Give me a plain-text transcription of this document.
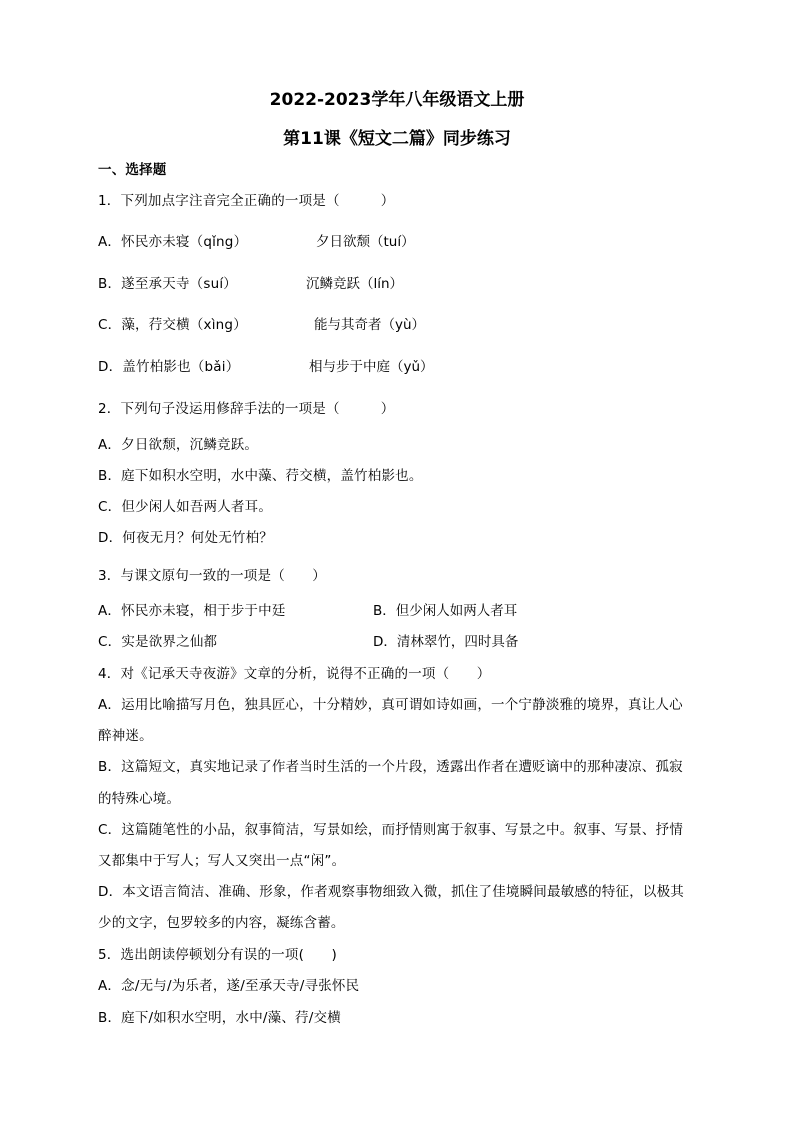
2022-2023学年八年级语文上册
第11课《短文二篇》同步练习
一、选择题
1．下列加点字注音完全正确的一项是（　　　）
A．怀民亦未寝（qǐng）	夕日欲颓（tuí）
B．遂至承天寺（suí）	沉鳞竞跃（lín）
C．藻，荇交横（xìng）	能与其奇者（yù）
D．盖竹柏影也（bǎi）	相与步于中庭（yǔ）
2．下列句子没运用修辞手法的一项是（　　　）
A．夕日欲颓，沉鳞竞跃。
B．庭下如积水空明，水中藻、荇交横，盖竹柏影也。
C．但少闲人如吾两人者耳。
D．何夜无月？何处无竹柏？
3．与课文原句一致的一项是（　　）
A．怀民亦未寝，相于步于中廷	B．但少闲人如两人者耳
C．实是欲界之仙都	D．清林翠竹，四时具备
4．对《记承天寺夜游》文章的分析，说得不正确的一项（　　）
A．运用比喻描写月色，独具匠心，十分精妙，真可谓如诗如画，一个宁静淡雅的境界，真让人心
醉神迷。
B．这篇短文，真实地记录了作者当时生活的一个片段，透露出作者在遭贬谪中的那种凄凉、孤寂
的特殊心境。
C．这篇随笔性的小品，叙事简洁，写景如绘，而抒情则寓于叙事、写景之中。叙事、写景、抒情
又都集中于写人；写人又突出一点“闲”。
D．本文语言简洁、准确、形象，作者观察事物细致入微，抓住了佳境瞬间最敏感的特征，以极其
少的文字，包罗较多的内容，凝练含蓄。
5．选出朗读停顿划分有误的一项(　　)
A．念/无与/为乐者，遂/至承天寺/寻张怀民
B．庭下/如积水空明，水中/藻、荇/交横
